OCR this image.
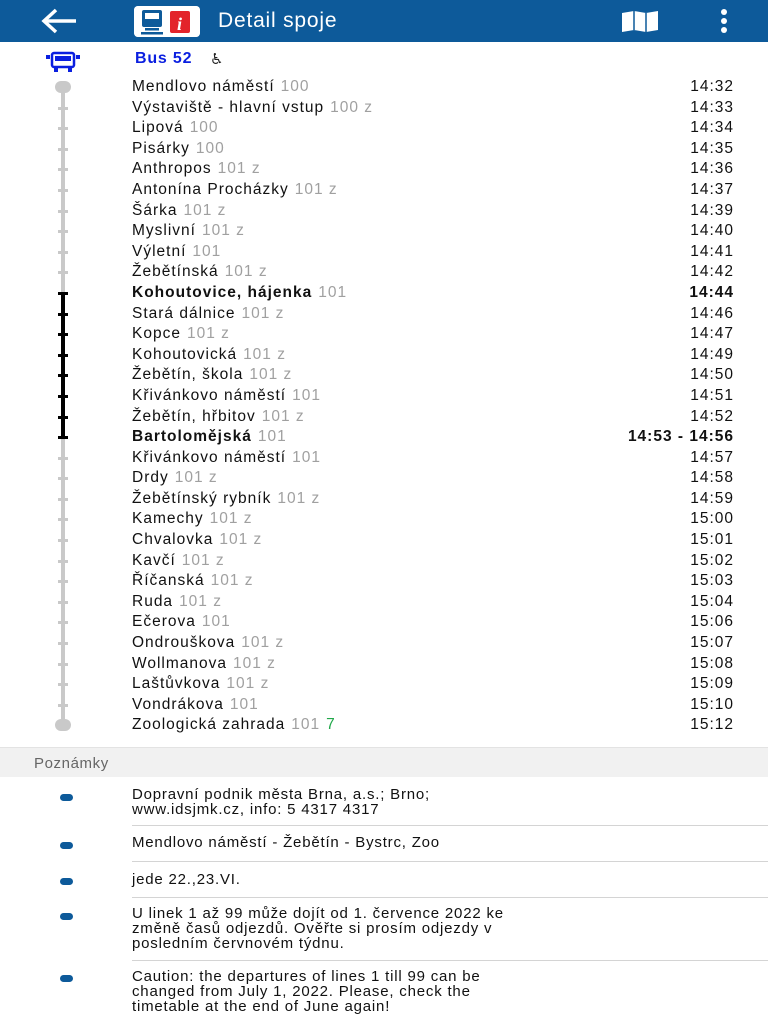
i Detail spoje
Bus 52 ♿
Mendlovo náměstí 100	14:32
Výstaviště - hlavní vstup 100 z	14:33
Lipová 100	14:34
Pisárky 100	14:35
Anthropos 101 z	14:36
Antonína Procházky 101 z	14:37
Šárka 101 z	14:39
Myslivní 101 z	14:40
Výletní 101	14:41
Žebětínská 101 z	14:42
Kohoutovice, hájenka 101	14:44
Stará dálnice 101 z	14:46
Kopce 101 z	14:47
Kohoutovická 101 z	14:49
Žebětín, škola 101 z	14:50
Křivánkovo náměstí 101	14:51
Žebětín, hřbitov 101 z	14:52
Bartolomějská 101	14:53 - 14:56
Křivánkovo náměstí 101	14:57
Drdy 101 z	14:58
Žebětínský rybník 101 z	14:59
Kamechy 101 z	15:00
Chvalovka 101 z	15:01
Kavčí 101 z	15:02
Říčanská 101 z	15:03
Ruda 101 z	15:04
Ečerova 101	15:06
Ondrouškova 101 z	15:07
Wollmanova 101 z	15:08
Laštůvkova 101 z	15:09
Vondrákova 101	15:10
Zoologická zahrada 101 7	15:12
Poznámky
Dopravní podnik města Brna, a.s.; Brno;
www.idsjmk.cz, info: 5 4317 4317
Mendlovo náměstí - Žebětín - Bystrc, Zoo
jede 22.,23.VI.
U linek 1 až 99 může dojít od 1. července 2022 ke
změně časů odjezdů. Ověřte si prosím odjezdy v
posledním červnovém týdnu.
Caution: the departures of lines 1 till 99 can be
changed from July 1, 2022. Please, check the
timetable at the end of June again!
